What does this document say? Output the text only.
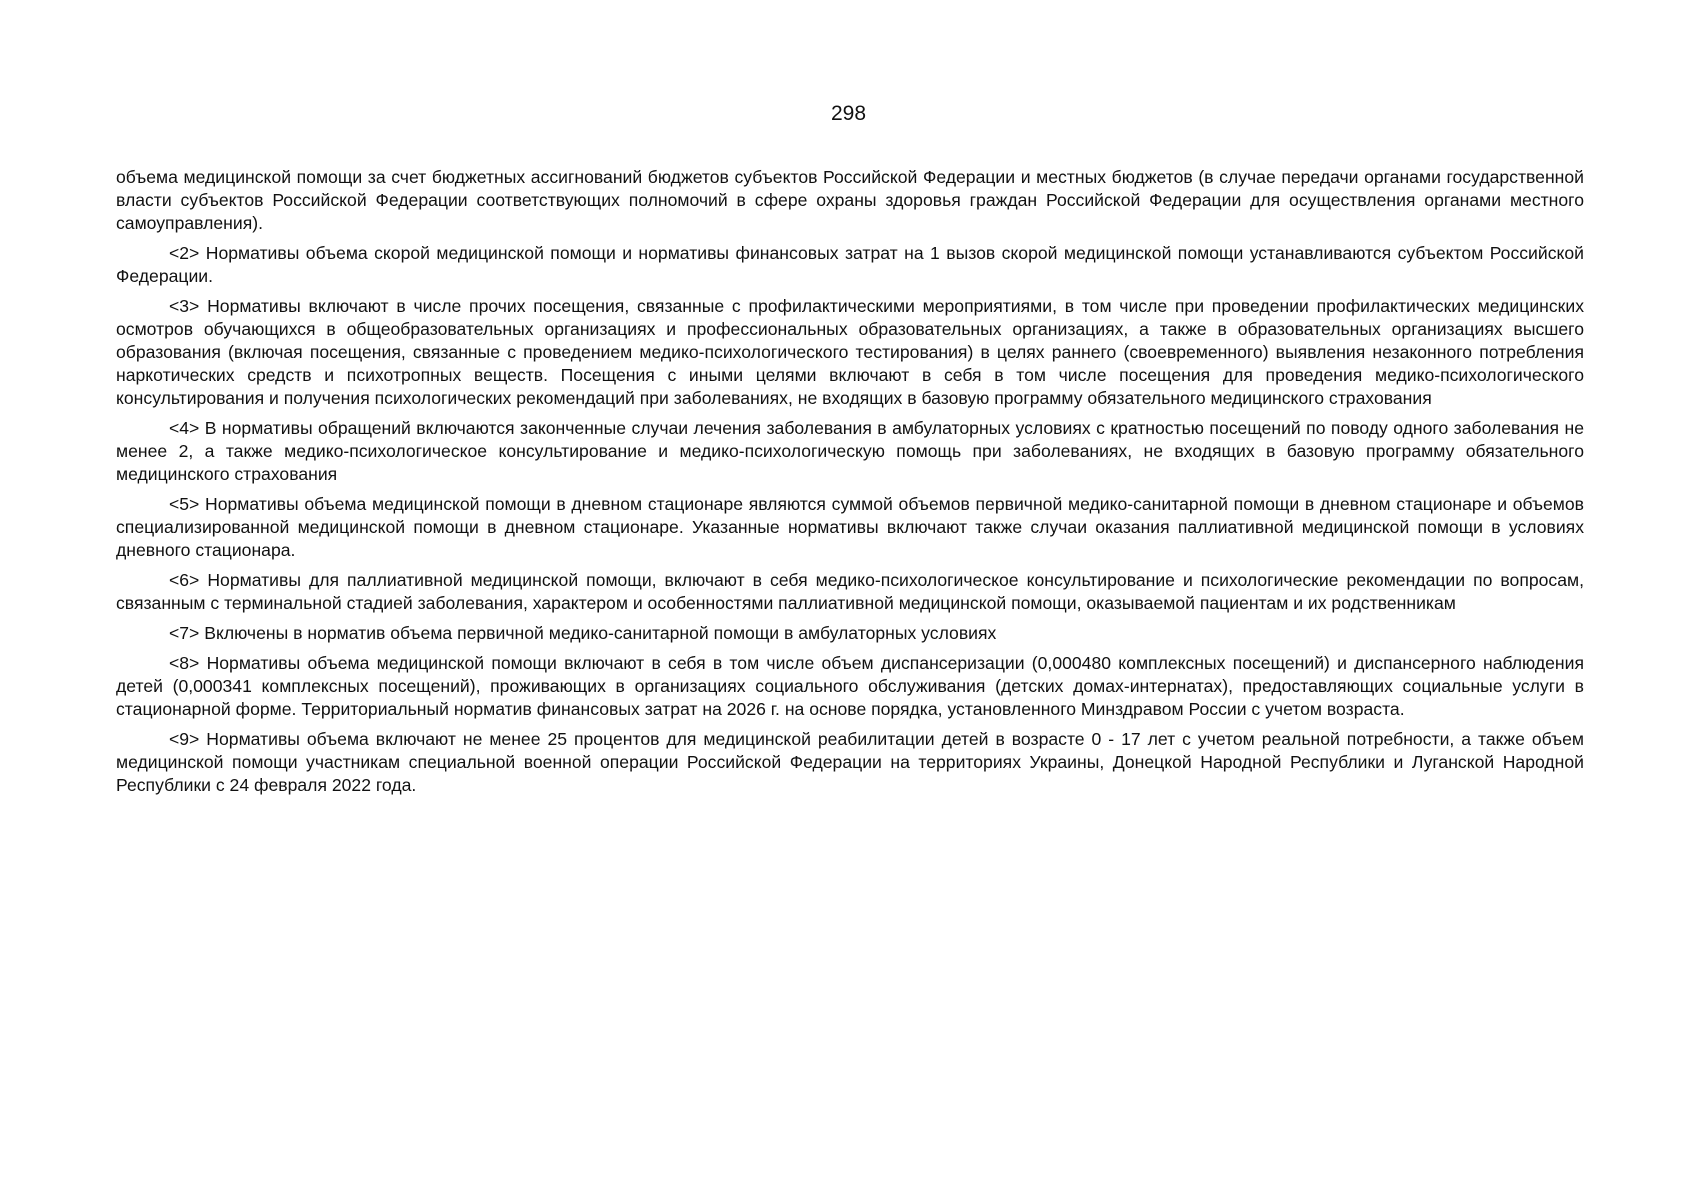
298

объема медицинской помощи за счет бюджетных ассигнований бюджетов субъектов Российской Федерации и местных бюджетов (в случае передачи органами государственной власти субъектов Российской Федерации соответствующих полномочий в сфере охраны здоровья граждан Российской Федерации для осуществления органами местного самоуправления).

<2> Нормативы объема скорой медицинской помощи и нормативы финансовых затрат на 1 вызов скорой медицинской помощи устанавливаются субъектом Российской Федерации.

<3> Нормативы включают в числе прочих посещения, связанные с профилактическими мероприятиями, в том числе при проведении профилактических медицинских осмотров обучающихся в общеобразовательных организациях и профессиональных образовательных организациях, а также в образовательных организациях высшего образования (включая посещения, связанные с проведением медико-психологического тестирования) в целях раннего (своевременного) выявления незаконного потребления наркотических средств и психотропных веществ. Посещения с иными целями включают в себя в том числе посещения для проведения медико-психологического консультирования и получения психологических рекомендаций при заболеваниях, не входящих в базовую программу обязательного медицинского страхования

<4> В нормативы обращений включаются законченные случаи лечения заболевания в амбулаторных условиях с кратностью посещений по поводу одного заболевания не менее 2, а также медико-психологическое консультирование и медико-психологическую помощь при заболеваниях, не входящих в базовую программу обязательного медицинского страхования

<5> Нормативы объема медицинской помощи в дневном стационаре являются суммой объемов первичной медико-санитарной помощи в дневном стационаре и объемов специализированной медицинской помощи в дневном стационаре. Указанные нормативы включают также случаи оказания паллиативной медицинской помощи в условиях дневного стационара.

<6> Нормативы для паллиативной медицинской помощи, включают в себя медико-психологическое консультирование и психологические рекомендации по вопросам, связанным с терминальной стадией заболевания, характером и особенностями паллиативной медицинской помощи, оказываемой пациентам и их родственникам

<7> Включены в норматив объема первичной медико-санитарной помощи в амбулаторных условиях

<8> Нормативы объема медицинской помощи включают в себя в том числе объем диспансеризации (0,000480 комплексных посещений) и диспансерного наблюдения детей (0,000341 комплексных посещений), проживающих в организациях социального обслуживания (детских домах-интернатах), предоставляющих социальные услуги в стационарной форме. Территориальный норматив финансовых затрат на 2026 г. на основе порядка, установленного Минздравом России с учетом возраста.

<9> Нормативы объема включают не менее 25 процентов для медицинской реабилитации детей в возрасте 0 - 17 лет с учетом реальной потребности, а также объем медицинской помощи участникам специальной военной операции Российской Федерации на территориях Украины, Донецкой Народной Республики и Луганской Народной Республики с 24 февраля 2022 года.
